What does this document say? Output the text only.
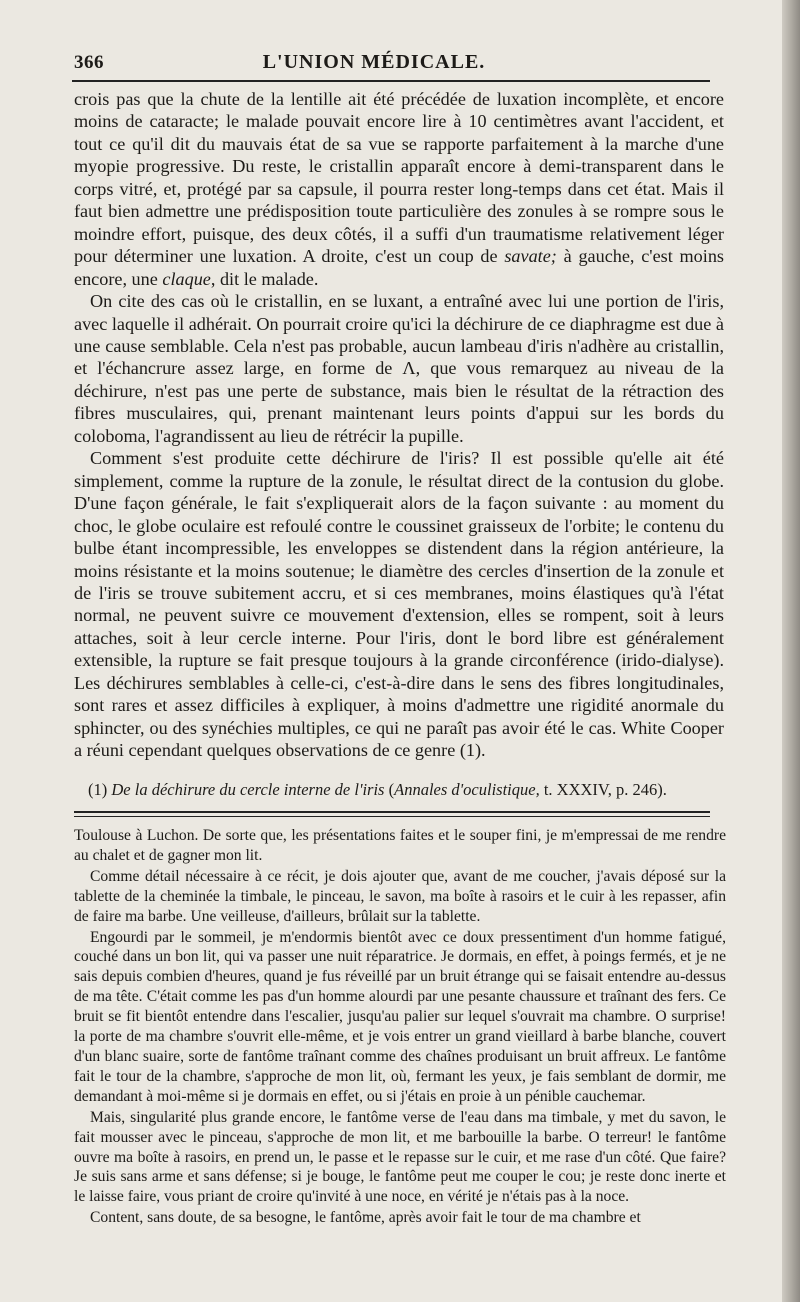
366	L'UNION MÉDICALE.

crois pas que la chute de la lentille ait été précédée de luxation incomplète, et encore moins de cataracte; le malade pouvait encore lire à 10 centimètres avant l'accident, et tout ce qu'il dit du mauvais état de sa vue se rapporte parfaitement à la marche d'une myopie progressive. Du reste, le cristallin apparaît encore à demi-transparent dans le corps vitré, et, protégé par sa capsule, il pourra rester long-temps dans cet état. Mais il faut bien admettre une prédisposition toute particulière des zonules à se rompre sous le moindre effort, puisque, des deux côtés, il a suffi d'un traumatisme relativement léger pour déterminer une luxation. A droite, c'est un coup de savate; à gauche, c'est moins encore, une claque, dit le malade.

On cite des cas où le cristallin, en se luxant, a entraîné avec lui une portion de l'iris, avec laquelle il adhérait. On pourrait croire qu'ici la déchirure de ce diaphragme est due à une cause semblable. Cela n'est pas probable, aucun lambeau d'iris n'adhère au cristallin, et l'échancrure assez large, en forme de Λ, que vous remarquez au niveau de la déchirure, n'est pas une perte de substance, mais bien le résultat de la rétraction des fibres musculaires, qui, prenant maintenant leurs points d'appui sur les bords du coloboma, l'agrandissent au lieu de rétrécir la pupille.

Comment s'est produite cette déchirure de l'iris? Il est possible qu'elle ait été simplement, comme la rupture de la zonule, le résultat direct de la contusion du globe. D'une façon générale, le fait s'expliquerait alors de la façon suivante : au moment du choc, le globe oculaire est refoulé contre le coussinet graisseux de l'orbite; le contenu du bulbe étant incompressible, les enveloppes se distendent dans la région antérieure, la moins résistante et la moins soutenue; le diamètre des cercles d'insertion de la zonule et de l'iris se trouve subitement accru, et si ces membranes, moins élastiques qu'à l'état normal, ne peuvent suivre ce mouvement d'extension, elles se rompent, soit à leurs attaches, soit à leur cercle interne. Pour l'iris, dont le bord libre est généralement extensible, la rupture se fait presque toujours à la grande circonférence (irido-dialyse). Les déchirures semblables à celle-ci, c'est-à-dire dans le sens des fibres longitudinales, sont rares et assez difficiles à expliquer, à moins d'admettre une rigidité anormale du sphincter, ou des synéchies multiples, ce qui ne paraît pas avoir été le cas. White Cooper a réuni cependant quelques observations de ce genre (1).

(1) De la déchirure du cercle interne de l'iris (Annales d'oculistique, t. XXXIV, p. 246).

Toulouse à Luchon. De sorte que, les présentations faites et le souper fini, je m'empressai de me rendre au chalet et de gagner mon lit.

Comme détail nécessaire à ce récit, je dois ajouter que, avant de me coucher, j'avais déposé sur la tablette de la cheminée la timbale, le pinceau, le savon, ma boîte à rasoirs et le cuir à les repasser, afin de faire ma barbe. Une veilleuse, d'ailleurs, brûlait sur la tablette.

Engourdi par le sommeil, je m'endormis bientôt avec ce doux pressentiment d'un homme fatigué, couché dans un bon lit, qui va passer une nuit réparatrice. Je dormais, en effet, à poings fermés, et je ne sais depuis combien d'heures, quand je fus réveillé par un bruit étrange qui se faisait entendre au-dessus de ma tête. C'était comme les pas d'un homme alourdi par une pesante chaussure et traînant des fers. Ce bruit se fit bientôt entendre dans l'escalier, jusqu'au palier sur lequel s'ouvrait ma chambre. O surprise! la porte de ma chambre s'ouvrit elle-même, et je vois entrer un grand vieillard à barbe blanche, couvert d'un blanc suaire, sorte de fantôme traînant comme des chaînes produisant un bruit affreux. Le fantôme fait le tour de la chambre, s'approche de mon lit, où, fermant les yeux, je fais semblant de dormir, me demandant à moi-même si je dormais en effet, ou si j'étais en proie à un pénible cauchemar.

Mais, singularité plus grande encore, le fantôme verse de l'eau dans ma timbale, y met du savon, le fait mousser avec le pinceau, s'approche de mon lit, et me barbouille la barbe. O terreur! le fantôme ouvre ma boîte à rasoirs, en prend un, le passe et le repasse sur le cuir, et me rase d'un côté. Que faire? Je suis sans arme et sans défense; si je bouge, le fantôme peut me couper le cou; je reste donc inerte et le laisse faire, vous priant de croire qu'invité à une noce, en vérité je n'étais pas à la noce.

Content, sans doute, de sa besogne, le fantôme, après avoir fait le tour de ma chambre et
